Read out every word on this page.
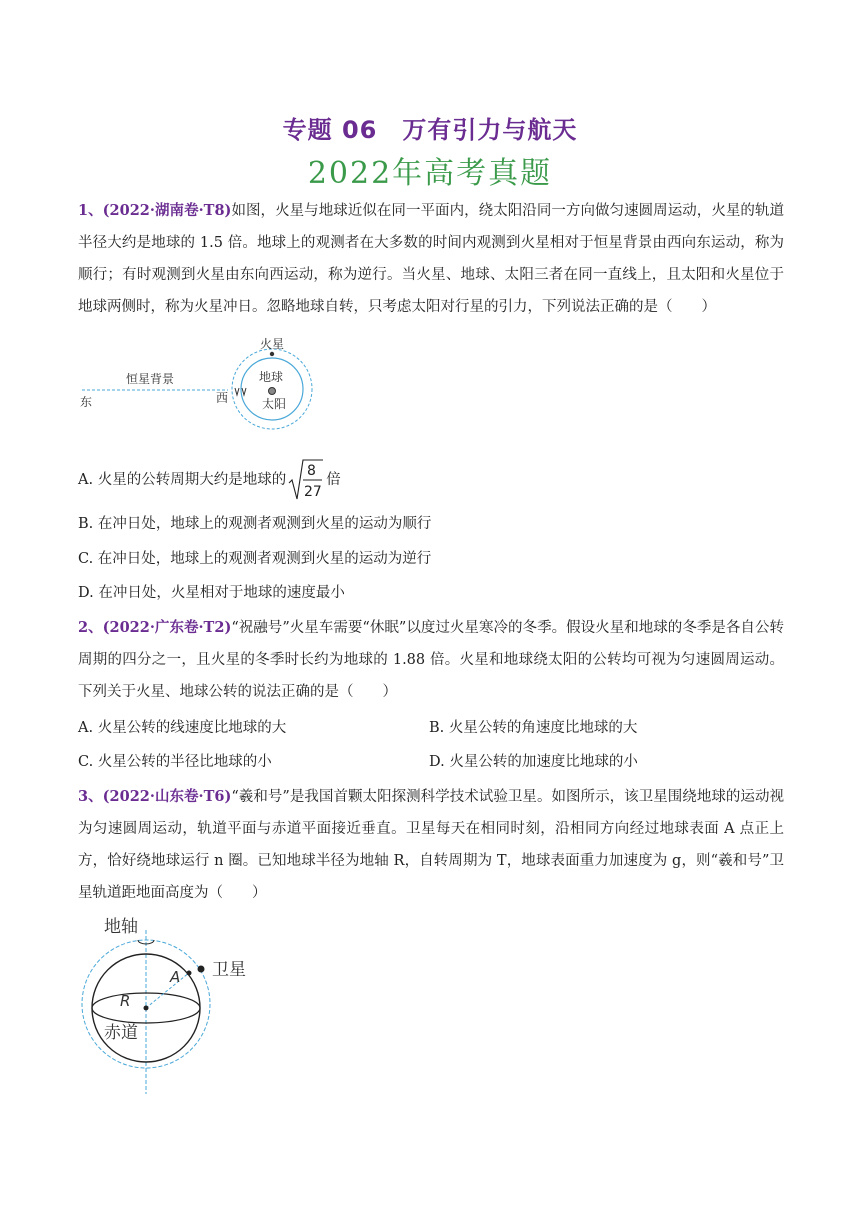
专题 06　万有引力与航天
2022年高考真题
1、(2022·湖南卷·T8)如图，火星与地球近似在同一平面内，绕太阳沿同一方向做匀速圆周运动，火星的轨道半径大约是地球的 1.5 倍。地球上的观测者在大多数的时间内观测到火星相对于恒星背景由西向东运动，称为顺行；有时观测到火星由东向西运动，称为逆行。当火星、地球、太阳三者在同一直线上，且太阳和火星位于地球两侧时，称为火星冲日。忽略地球自转，只考虑太阳对行星的引力，下列说法正确的是（　　）
火星
地球
太阳
恒星背景
东	西
A. 火星的公转周期大约是地球的
8
27
倍
B. 在冲日处，地球上的观测者观测到火星的运动为顺行
C. 在冲日处，地球上的观测者观测到火星的运动为逆行
D. 在冲日处，火星相对于地球的速度最小
2、(2022·广东卷·T2)“祝融号”火星车需要“休眠”以度过火星寒冷的冬季。假设火星和地球的冬季是各自公转周期的四分之一，且火星的冬季时长约为地球的 1.88 倍。火星和地球绕太阳的公转均可视为匀速圆周运动。下列关于火星、地球公转的说法正确的是（　　）
A. 火星公转的线速度比地球的大	B. 火星公转的角速度比地球的大
C. 火星公转的半径比地球的小	D. 火星公转的加速度比地球的小
3、(2022·山东卷·T6)“羲和号”是我国首颗太阳探测科学技术试验卫星。如图所示，该卫星围绕地球的运动视为匀速圆周运动，轨道平面与赤道平面接近垂直。卫星每天在相同时刻，沿相同方向经过地球表面 A 点正上方，恰好绕地球运行 n 圈。已知地球半径为地轴 R，自转周期为 T，地球表面重力加速度为 g，则“羲和号”卫星轨道距地面高度为（　　）
地轴
卫星
赤道
A
R
